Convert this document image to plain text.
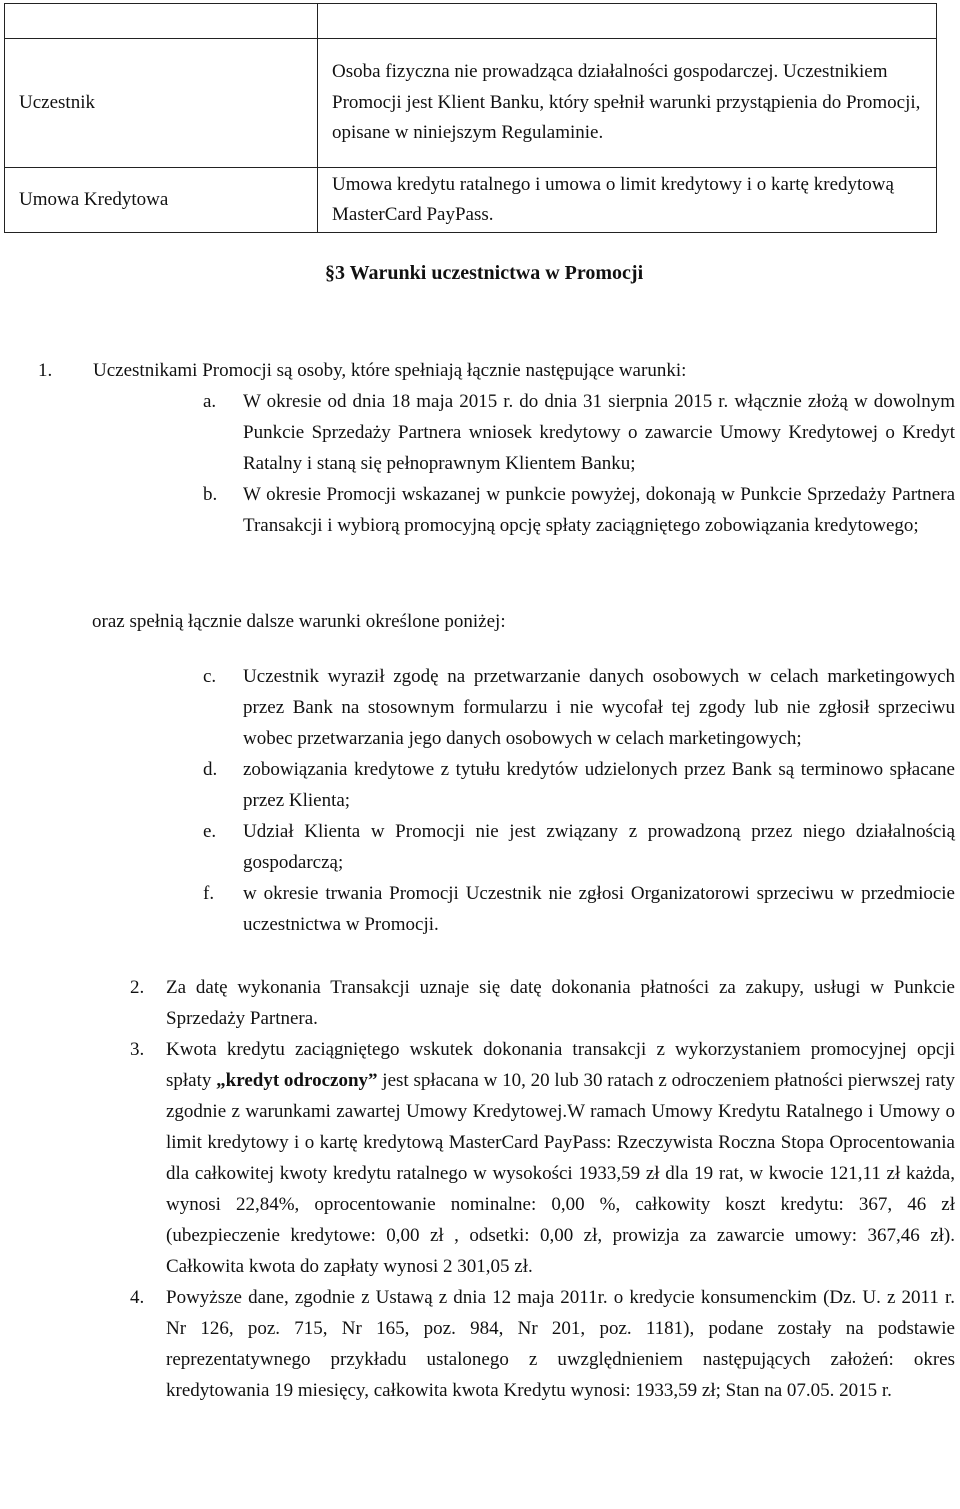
Uczestnik	Osoba fizyczna nie prowadząca działalności gospodarczej. Uczestnikiem Promocji jest Klient Banku, który spełnił warunki przystąpienia do Promocji, opisane w niniejszym Regulaminie.
Umowa Kredytowa	Umowa kredytu ratalnego i umowa o limit kredytowy i o kartę kredytową MasterCard PayPass.
§3 Warunki uczestnictwa w Promocji
1. Uczestnikami Promocji są osoby, które spełniają łącznie następujące warunki:
a. W okresie od dnia 18 maja 2015 r. do dnia 31 sierpnia 2015 r. włącznie złożą w dowolnym Punkcie Sprzedaży Partnera wniosek kredytowy o zawarcie Umowy Kredytowej o Kredyt Ratalny i staną się pełnoprawnym Klientem Banku;
b. W okresie Promocji wskazanej w punkcie powyżej, dokonają w Punkcie Sprzedaży Partnera Transakcji i wybiorą promocyjną opcję spłaty zaciągniętego zobowiązania kredytowego;
oraz spełnią łącznie dalsze warunki określone poniżej:
c. Uczestnik wyraził zgodę na przetwarzanie danych osobowych w celach marketingowych przez Bank na stosownym formularzu i nie wycofał tej zgody lub nie zgłosił sprzeciwu wobec przetwarzania jego danych osobowych w celach marketingowych;
d. zobowiązania kredytowe z tytułu kredytów udzielonych przez Bank są terminowo spłacane przez Klienta;
e. Udział Klienta w Promocji nie jest związany z prowadzoną przez niego działalnością gospodarczą;
f. w okresie trwania Promocji Uczestnik nie zgłosi Organizatorowi sprzeciwu w przedmiocie uczestnictwa w Promocji.
2. Za datę wykonania Transakcji uznaje się datę dokonania płatności za zakupy, usługi w Punkcie Sprzedaży Partnera.
3. Kwota kredytu zaciągniętego wskutek dokonania transakcji z wykorzystaniem promocyjnej opcji spłaty „kredyt odroczony” jest spłacana w 10, 20 lub 30 ratach z odroczeniem płatności pierwszej raty zgodnie z warunkami zawartej Umowy Kredytowej.W ramach Umowy Kredytu Ratalnego i Umowy o limit kredytowy i o kartę kredytową MasterCard PayPass: Rzeczywista Roczna Stopa Oprocentowania dla całkowitej kwoty kredytu ratalnego w wysokości 1933,59 zł dla 19 rat, w kwocie 121,11 zł każda, wynosi 22,84%, oprocentowanie nominalne: 0,00 %, całkowity koszt kredytu: 367, 46 zł (ubezpieczenie kredytowe: 0,00 zł , odsetki: 0,00 zł, prowizja za zawarcie umowy: 367,46 zł). Całkowita kwota do zapłaty wynosi 2 301,05 zł.
4. Powyższe dane, zgodnie z Ustawą z dnia 12 maja 2011r. o kredycie konsumenckim (Dz. U. z 2011 r. Nr 126, poz. 715, Nr 165, poz. 984, Nr 201, poz. 1181), podane zostały na podstawie reprezentatywnego przykładu ustalonego z uwzględnieniem następujących założeń: okres kredytowania 19 miesięcy, całkowita kwota Kredytu wynosi: 1933,59 zł; Stan na 07.05. 2015 r.
